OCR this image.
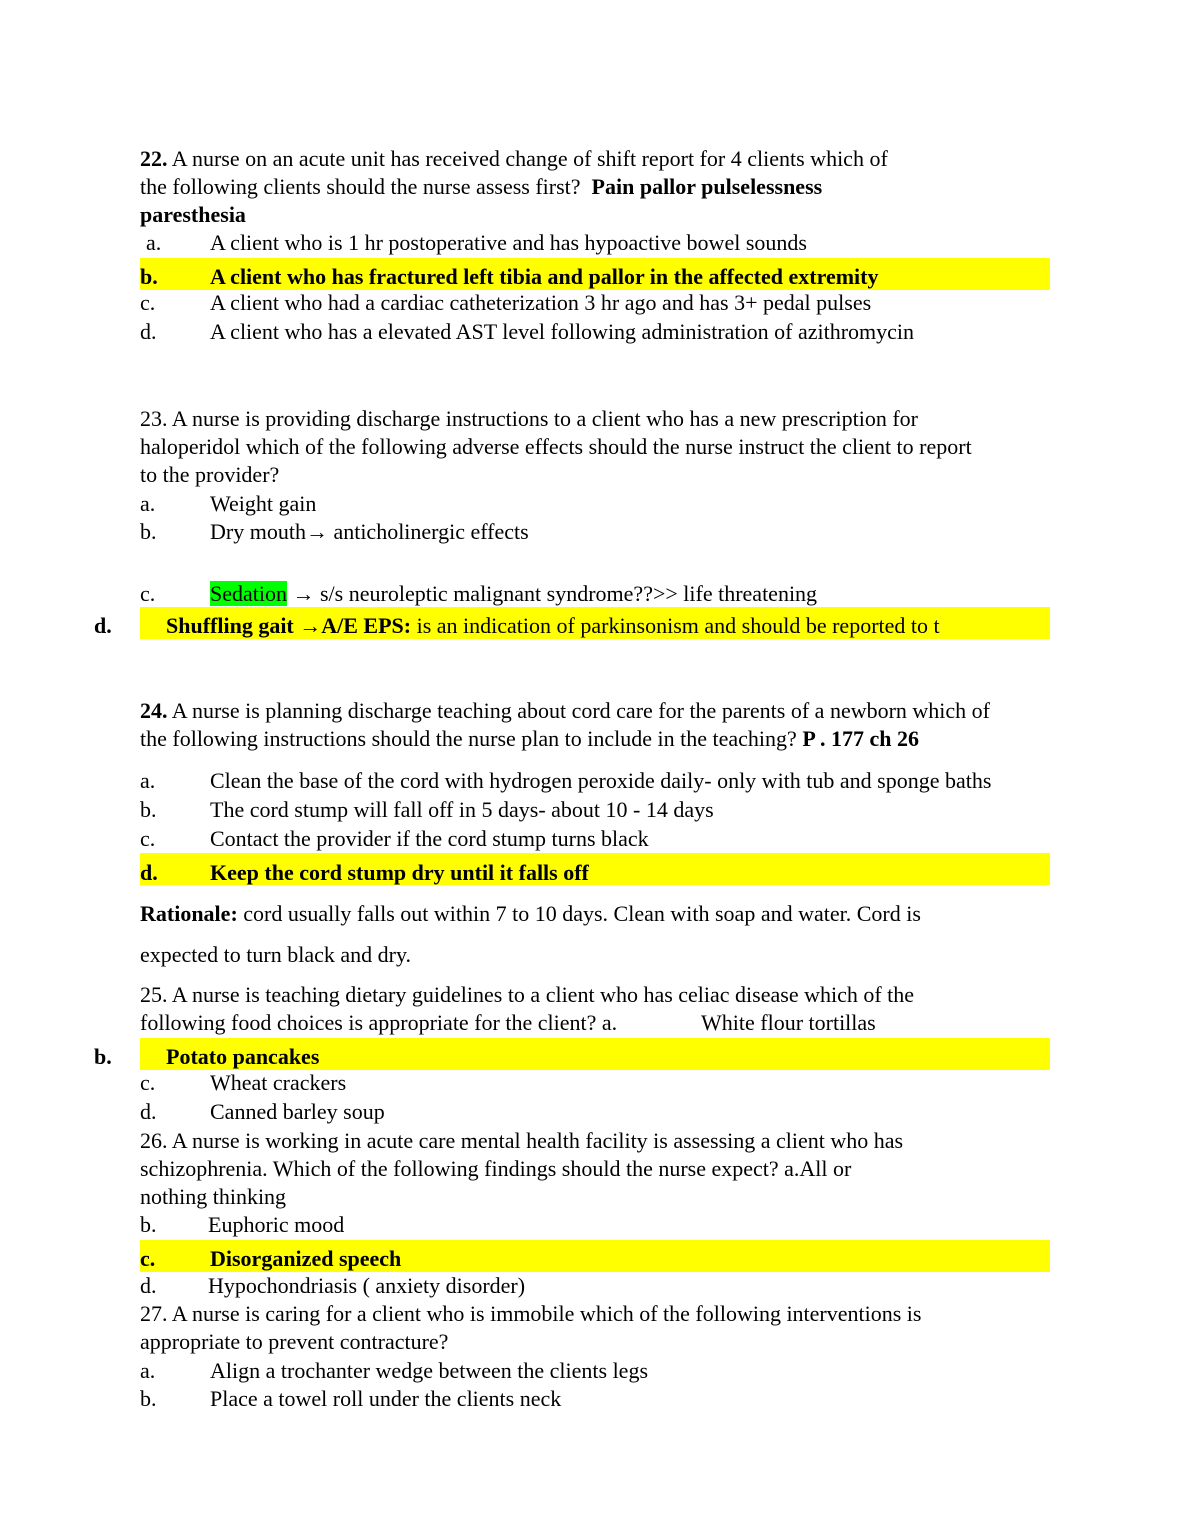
22. A nurse on an acute unit has received change of shift report for 4 clients which of
the following clients should the nurse assess first? Pain pallor pulselessness
paresthesia
a. A client who is 1 hr postoperative and has hypoactive bowel sounds
b. A client who has fractured left tibia and pallor in the affected extremity
c. A client who had a cardiac catheterization 3 hr ago and has 3+ pedal pulses
d. A client who has a elevated AST level following administration of azithromycin
23. A nurse is providing discharge instructions to a client who has a new prescription for
haloperidol which of the following adverse effects should the nurse instruct the client to report
to the provider?
a. Weight gain
b. Dry mouth→ anticholinergic effects
c. Sedation → s/s neuroleptic malignant syndrome??>> life threatening
d. Shuffling gait →A/E EPS: is an indication of parkinsonism and should be reported to t
24. A nurse is planning discharge teaching about cord care for the parents of a newborn which of
the following instructions should the nurse plan to include in the teaching? P . 177 ch 26
a. Clean the base of the cord with hydrogen peroxide daily- only with tub and sponge baths
b. The cord stump will fall off in 5 days- about 10 - 14 days
c. Contact the provider if the cord stump turns black
d. Keep the cord stump dry until it falls off
Rationale: cord usually falls out within 7 to 10 days. Clean with soap and water. Cord is
expected to turn black and dry.
25. A nurse is teaching dietary guidelines to a client who has celiac disease which of the
following food choices is appropriate for the client? a.	White flour tortillas
b. Potato pancakes
c. Wheat crackers
d. Canned barley soup
26. A nurse is working in acute care mental health facility is assessing a client who has
schizophrenia. Which of the following findings should the nurse expect? a.All or
nothing thinking
b. Euphoric mood
c. Disorganized speech
d. Hypochondriasis ( anxiety disorder)
27. A nurse is caring for a client who is immobile which of the following interventions is
appropriate to prevent contracture?
a. Align a trochanter wedge between the clients legs
b. Place a towel roll under the clients neck
